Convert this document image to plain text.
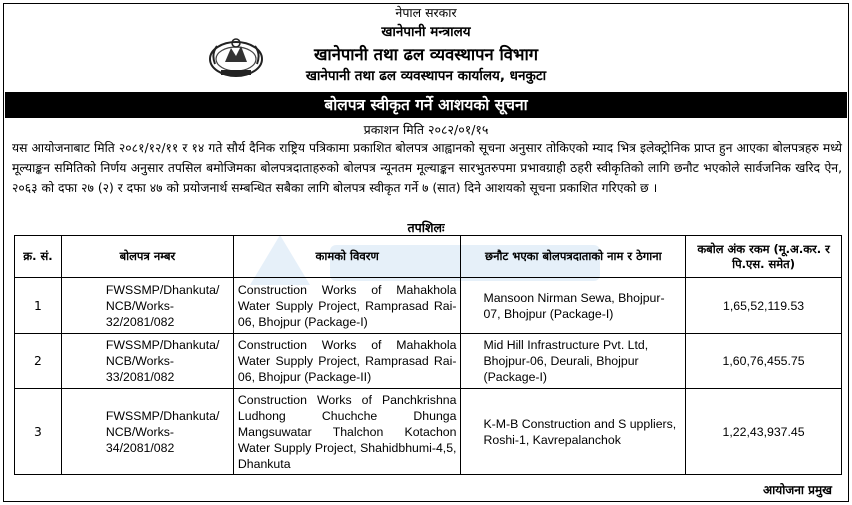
नेपाल सरकार
खानेपानी मन्त्रालय
खानेपानी तथा ढल व्यवस्थापन विभाग
खानेपानी तथा ढल व्यवस्थापन कार्यालय, धनकुटा
बोलपत्र स्वीकृत गर्ने आशयको सूचना
प्रकाशन मिति २०८२/०१/१५
यस आयोजनाबाट मिति २०८१/१२/११ र १४ गते सौर्य दैनिक राष्ट्रिय पत्रिकामा प्रकाशित बोलपत्र आह्वानको सूचना अनुसार तोकिएको म्याद भित्र इलेक्ट्रोनिक प्राप्त हुन आएका बोलपत्रहरु मध्ये मूल्याङ्कन समितिको निर्णय अनुसार तपसिल बमोजिमका बोलपत्रदाताहरुको बोलपत्र न्यूनतम मूल्याङ्कन सारभुतरुपमा प्रभावग्राही ठहरी स्वीकृतिको लागि छनौट भएकोले सार्वजनिक खरिद ऐन, २०६३ को दफा २७ (२) र दफा ४७ को प्रयोजनार्थ सम्बन्धित सबैका लागि बोलपत्र स्वीकृत गर्ने ७ (सात) दिने आशयको सूचना प्रकाशित गरिएको छ ।
तपशिलः
क्र. सं.	बोलपत्र नम्बर	कामको विवरण	छनौट भएका बोलपत्रदाताको नाम र ठेगाना	कबोल अंक रकम (मू.अ.कर. र पि.एस. समेत)
1	FWSSMP/Dhankuta/ NCB/Works-32/2081/082	Construction Works of Mahakhola Water Supply Project, Ramprasad Rai-06, Bhojpur (Package-I)	Mansoon Nirman Sewa, Bhojpur-07, Bhojpur (Package-I)	1,65,52,119.53
2	FWSSMP/Dhankuta/ NCB/Works-33/2081/082	Construction Works of Mahakhola Water Supply Project, Ramprasad Rai-06, Bhojpur (Package-II)	Mid Hill Infrastructure Pvt. Ltd, Bhojpur-06, Deurali, Bhojpur (Package-I)	1,60,76,455.75
3	FWSSMP/Dhankuta/ NCB/Works-34/2081/082	Construction Works of Panchkrishna Ludhong Chuchche Dhunga Mangsuwatar Thalchon Kotachon Water Supply Project, Shahidbhumi-4,5, Dhankuta	K-M-B Construction and S uppliers, Roshi-1, Kavrepalanchok	1,22,43,937.45
आयोजना प्रमुख
